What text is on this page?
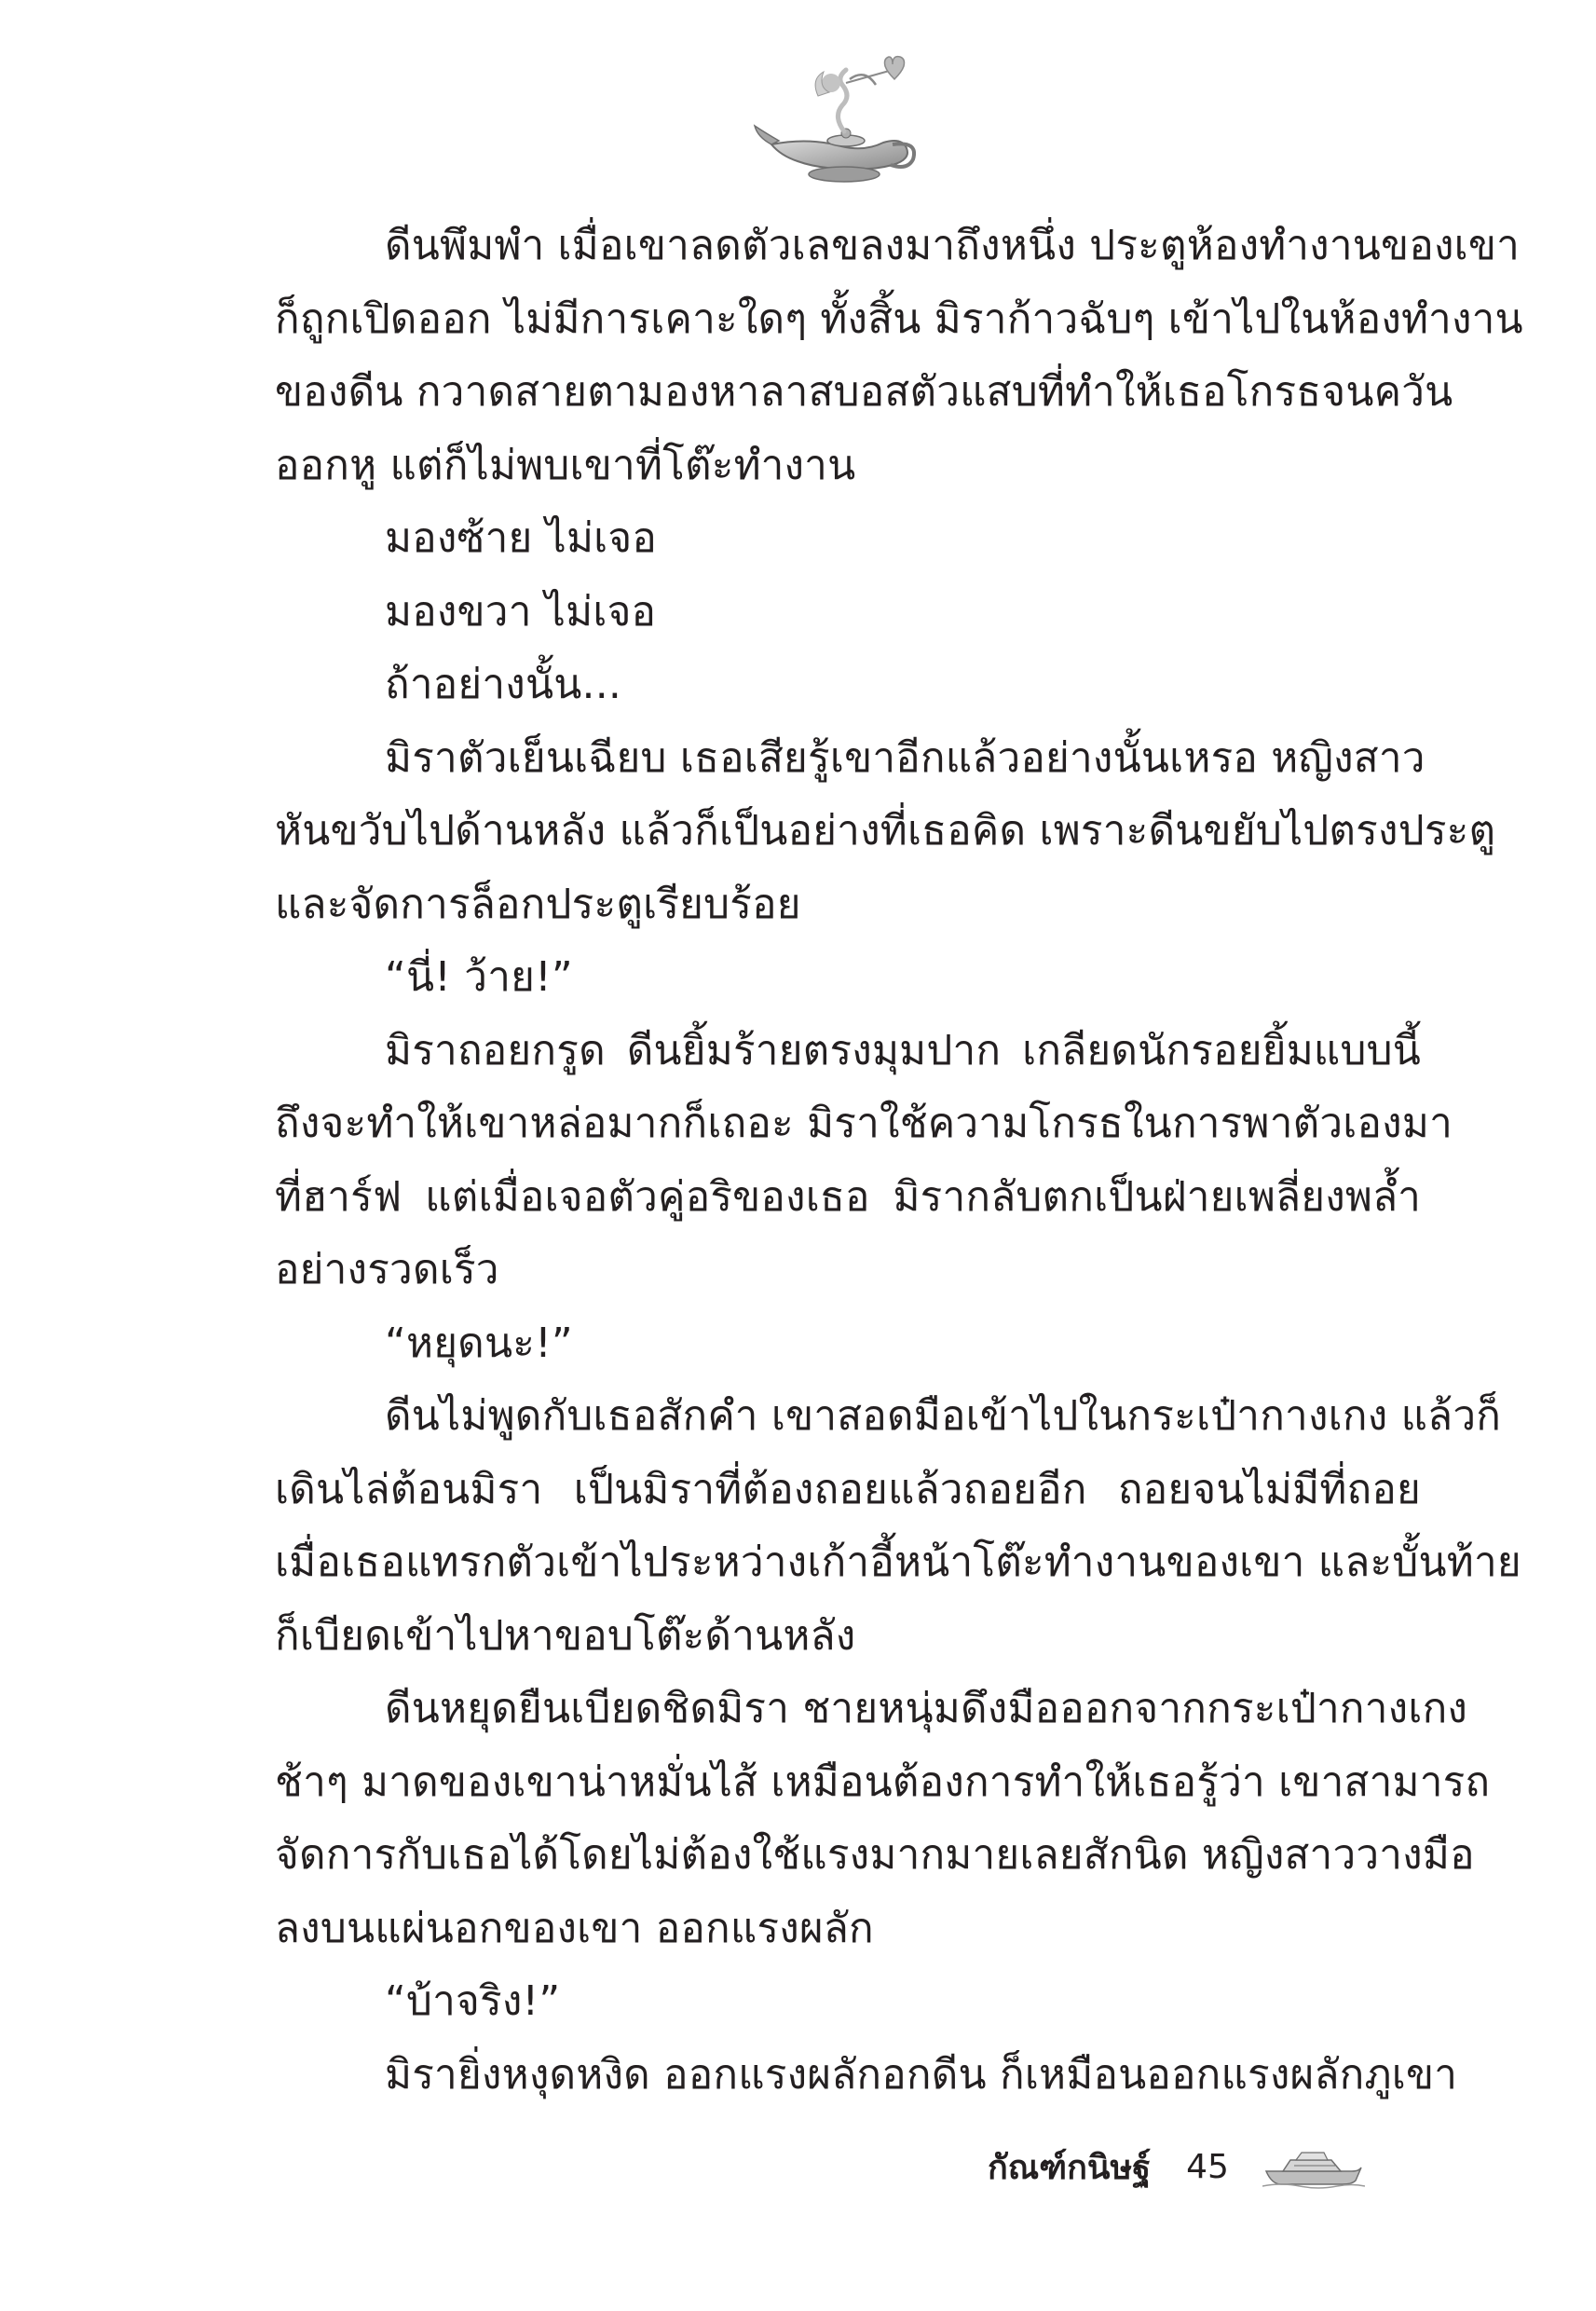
ดีนพึมพำ เมื่อเขาลดตัวเลขลงมาถึงหนึ่ง ประตูห้องทำงานของเขา
ก็ถูกเปิดออก ไม่มีการเคาะใดๆ ทั้งสิ้น มิราก้าวฉับๆ เข้าไปในห้องทำงาน
ของดีน กวาดสายตามองหาลาสบอสตัวแสบที่ทำให้เธอโกรธจนควัน
ออกหู แต่ก็ไม่พบเขาที่โต๊ะทำงาน
มองซ้าย ไม่เจอ
มองขวา ไม่เจอ
ถ้าอย่างนั้น...
มิราตัวเย็นเฉียบ เธอเสียรู้เขาอีกแล้วอย่างนั้นเหรอ หญิงสาว
หันขวับไปด้านหลัง แล้วก็เป็นอย่างที่เธอคิด เพราะดีนขยับไปตรงประตู
และจัดการล็อกประตูเรียบร้อย
“นี่! ว้าย!”
มิราถอยกรูด ดีนยิ้มร้ายตรงมุมปาก เกลียดนักรอยยิ้มแบบนี้
ถึงจะทำให้เขาหล่อมากก็เถอะ มิราใช้ความโกรธในการพาตัวเองมา
ที่ฮาร์ฟ แต่เมื่อเจอตัวคู่อริของเธอ มิรากลับตกเป็นฝ่ายเพลี่ยงพล้ำ
อย่างรวดเร็ว
“หยุดนะ!”
ดีนไม่พูดกับเธอสักคำ เขาสอดมือเข้าไปในกระเป๋ากางเกง แล้วก็
เดินไล่ต้อนมิรา เป็นมิราที่ต้องถอยแล้วถอยอีก ถอยจนไม่มีที่ถอย
เมื่อเธอแทรกตัวเข้าไประหว่างเก้าอี้หน้าโต๊ะทำงานของเขา และบั้นท้าย
ก็เบียดเข้าไปหาขอบโต๊ะด้านหลัง
ดีนหยุดยืนเบียดชิดมิรา ชายหนุ่มดึงมือออกจากกระเป๋ากางเกง
ช้าๆ มาดของเขาน่าหมั่นไส้ เหมือนต้องการทำให้เธอรู้ว่า เขาสามารถ
จัดการกับเธอได้โดยไม่ต้องใช้แรงมากมายเลยสักนิด หญิงสาววางมือ
ลงบนแผ่นอกของเขา ออกแรงผลัก
“บ้าจริง!”
มิรายิ่งหงุดหงิด ออกแรงผลักอกดีน ก็เหมือนออกแรงผลักภูเขา
กัณฑ์กนิษฐ์ 45
